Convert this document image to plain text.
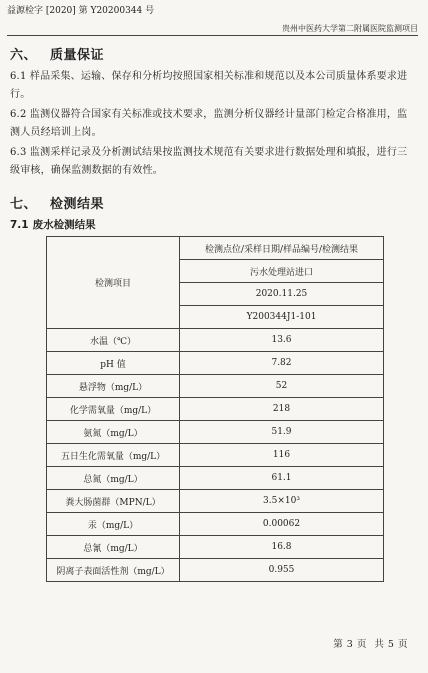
益源检字 [2020] 第 Y20200344 号
贵州中医药大学第二附属医院监测项目
六、 质量保证
6.1 样品采集、运输、保存和分析均按照国家相关标准和规范以及本公司质量体系要求进行。
6.2 监测仪器符合国家有关标准或技术要求，监测分析仪器经计量部门检定合格准用，监测人员经培训上岗。
6.3 监测采样记录及分析测试结果按监测技术规范有关要求进行数据处理和填报，进行三级审核，确保监测数据的有效性。
七、 检测结果
7.1 废水检测结果
检测项目	检测点位/采样日期/样品编号/检测结果
	污水处理站进口
	2020.11.25
	Y200344J1-101
水温（℃）	13.6
pH 值	7.82
悬浮物（mg/L）	52
化学需氧量（mg/L）	218
氨氮（mg/L）	51.9
五日生化需氧量（mg/L）	116
总氮（mg/L）	61.1
粪大肠菌群（MPN/L）	3.5×10³
汞（mg/L）	0.00062
总氰（mg/L）	16.8
阴离子表面活性剂（mg/L）	0.955
第 3 页 共 5 页
